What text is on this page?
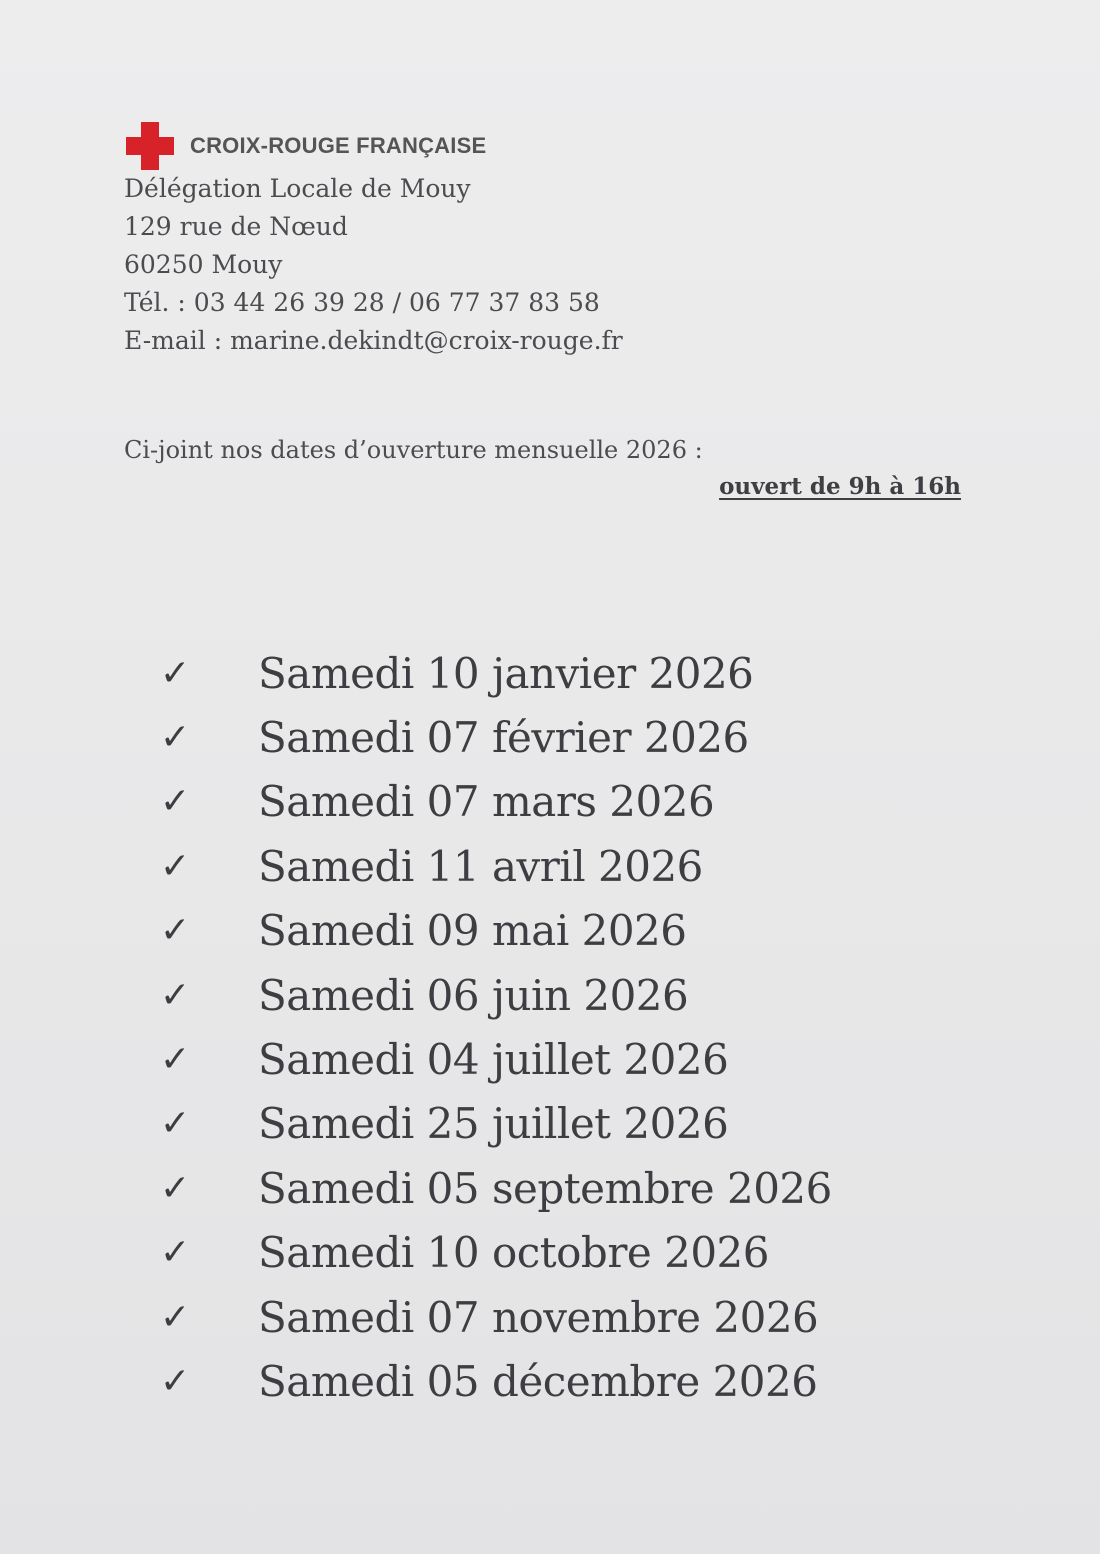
CROIX-ROUGE FRANÇAISE
Délégation Locale de Mouy
129 rue de Nœud
60250 Mouy
Tél. : 03 44 26 39 28 / 06 77 37 83 58
E-mail : marine.dekindt@croix-rouge.fr
Ci-joint nos dates d’ouverture mensuelle 2026 :
ouvert de 9h à 16h
✓	Samedi 10 janvier 2026
✓	Samedi 07 février 2026
✓	Samedi 07 mars 2026
✓	Samedi 11 avril 2026
✓	Samedi 09 mai 2026
✓	Samedi 06 juin 2026
✓	Samedi 04 juillet 2026
✓	Samedi 25 juillet 2026
✓	Samedi 05 septembre 2026
✓	Samedi 10 octobre 2026
✓	Samedi 07 novembre 2026
✓	Samedi 05 décembre 2026
